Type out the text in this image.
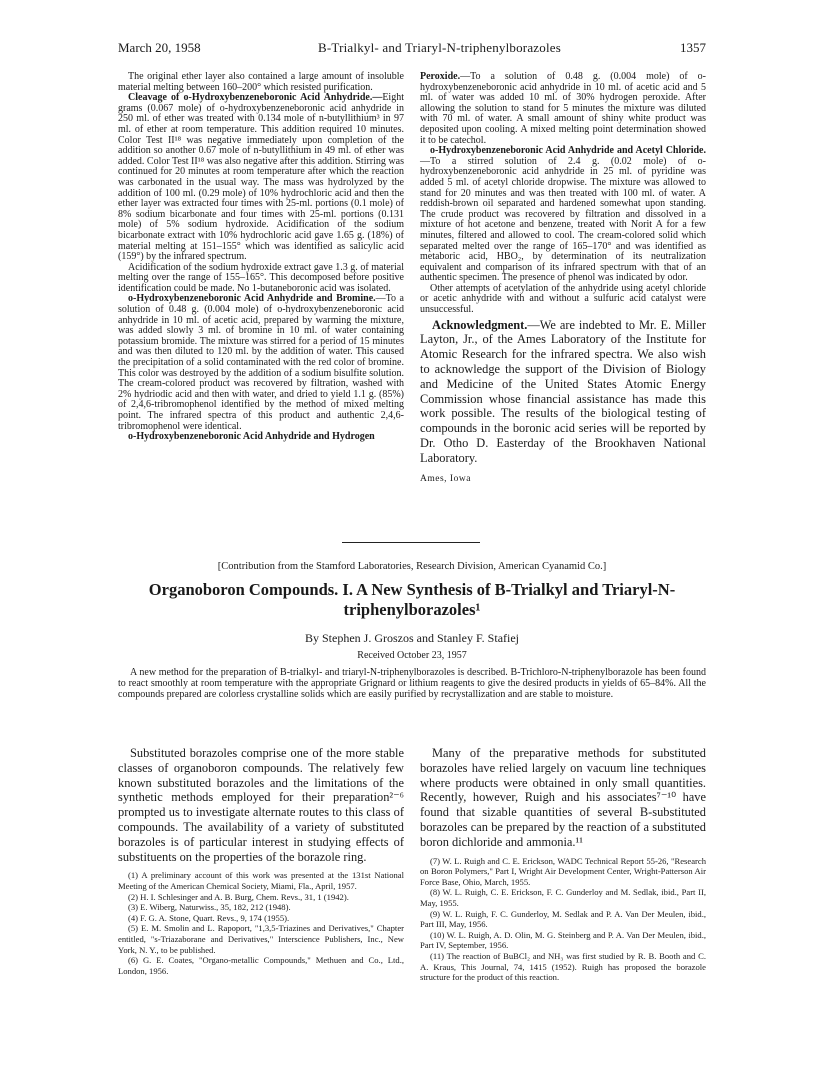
March 20, 1958	B-Trialkyl- and Triaryl-N-triphenylborazoles	1357

The original ether layer also contained a large amount of insoluble material melting between 160–200° which resisted purification.

Cleavage of o-Hydroxybenzeneboronic Acid Anhydride.—Eight grams (0.067 mole) of o-hydroxybenzeneboronic acid anhydride in 250 ml. of ether was treated with 0.134 mole of n-butyllithium³ in 97 ml. of ether at room temperature. This addition required 10 minutes. Color Test II¹⁸ was negative immediately upon completion of the addition so another 0.67 mole of n-butyllithium in 49 ml. of ether was added. Color Test II¹⁸ was also negative after this addition. Stirring was continued for 20 minutes at room temperature after which the reaction was carbonated in the usual way. The mass was hydrolyzed by the addition of 100 ml. (0.29 mole) of 10% hydrochloric acid and then the ether layer was extracted four times with 25-ml. portions (0.1 mole) of 8% sodium bicarbonate and four times with 25-ml. portions (0.131 mole) of 5% sodium hydroxide. Acidification of the sodium bicarbonate extract with 10% hydrochloric acid gave 1.65 g. (18%) of material melting at 151–155° which was identified as salicylic acid (159°) by the infrared spectrum.

Acidification of the sodium hydroxide extract gave 1.3 g. of material melting over the range of 155–165°. This decomposed before positive identification could be made. No 1-butaneboronic acid was isolated.

o-Hydroxybenzeneboronic Acid Anhydride and Bromine.—To a solution of 0.48 g. (0.004 mole) of o-hydroxybenzeneboronic acid anhydride in 10 ml. of acetic acid, prepared by warming the mixture, was added slowly 3 ml. of bromine in 10 ml. of water containing potassium bromide. The mixture was stirred for a period of 15 minutes and was then diluted to 120 ml. by the addition of water. This caused the precipitation of a solid contaminated with the red color of bromine. This color was destroyed by the addition of a sodium bisulfite solution. The cream-colored product was recovered by filtration, washed with 2% hydriodic acid and then with water, and dried to yield 1.1 g. (85%) of 2,4,6-tribromophenol identified by the method of mixed melting point. The infrared spectra of this product and authentic 2,4,6-tribromophenol were identical.

o-Hydroxybenzeneboronic Acid Anhydride and Hydrogen

Peroxide.—To a solution of 0.48 g. (0.004 mole) of o-hydroxybenzeneboronic acid anhydride in 10 ml. of acetic acid and 5 ml. of water was added 10 ml. of 30% hydrogen peroxide. After allowing the solution to stand for 5 minutes the mixture was diluted with 70 ml. of water. A small amount of shiny white product was deposited upon cooling. A mixed melting point determination showed it to be catechol.

o-Hydroxybenzeneboronic Acid Anhydride and Acetyl Chloride.—To a stirred solution of 2.4 g. (0.02 mole) of o-hydroxybenzeneboronic acid anhydride in 25 ml. of pyridine was added 5 ml. of acetyl chloride dropwise. The mixture was allowed to stand for 20 minutes and was then treated with 100 ml. of water. A reddish-brown oil separated and hardened somewhat upon standing. The crude product was recovered by filtration and dissolved in a mixture of hot acetone and benzene, treated with Norit A for a few minutes, filtered and allowed to cool. The cream-colored solid which separated melted over the range of 165–170° and was identified as metaboric acid, HBO₂, by determination of its neutralization equivalent and comparison of its infrared spectrum with that of an authentic specimen. The presence of phenol was indicated by odor.

Other attempts of acetylation of the anhydride using acetyl chloride or acetic anhydride with and without a sulfuric acid catalyst were unsuccessful.

Acknowledgment.—We are indebted to Mr. E. Miller Layton, Jr., of the Ames Laboratory of the Institute for Atomic Research for the infrared spectra. We also wish to acknowledge the support of the Division of Biology and Medicine of the United States Atomic Energy Commission whose financial assistance has made this work possible. The results of the biological testing of compounds in the boronic acid series will be reported by Dr. Otho D. Easterday of the Brookhaven National Laboratory.
Ames, Iowa
[Contribution from the Stamford Laboratories, Research Division, American Cyanamid Co.]
Organoboron Compounds. I. A New Synthesis of B-Trialkyl and Triaryl-N-triphenylborazoles¹
By Stephen J. Groszos and Stanley F. Stafiej
Received October 23, 1957

A new method for the preparation of B-trialkyl- and triaryl-N-triphenylborazoles is described. B-Trichloro-N-triphenylborazole has been found to react smoothly at room temperature with the appropriate Grignard or lithium reagents to give the desired products in yields of 65–84%. All the compounds prepared are colorless crystalline solids which are easily purified by recrystallization and are stable to moisture.

Substituted borazoles comprise one of the more stable classes of organoboron compounds. The relatively few known substituted borazoles and the limitations of the synthetic methods employed for their preparation²⁻⁶ prompted us to investigate alternate routes to this class of compounds. The availability of a variety of substituted borazoles is of particular interest in studying effects of substituents on the properties of the borazole ring.

(1) A preliminary account of this work was presented at the 131st National Meeting of the American Chemical Society, Miami, Fla., April, 1957.

(2) H. I. Schlesinger and A. B. Burg, Chem. Revs., 31, 1 (1942).

(3) E. Wiberg, Naturwiss., 35, 182, 212 (1948).

(4) F. G. A. Stone, Quart. Revs., 9, 174 (1955).

(5) E. M. Smolin and L. Rapoport, "1,3,5-Triazines and Derivatives," Chapter entitled, "s-Triazaborane and Derivatives," Interscience Publishers, Inc., New York, N. Y., to be published.

(6) G. E. Coates, "Organo-metallic Compounds," Methuen and Co., Ltd., London, 1956.

Many of the preparative methods for substituted borazoles have relied largely on vacuum line techniques where products were obtained in only small quantities. Recently, however, Ruigh and his associates⁷⁻¹⁰ have found that sizable quantities of several B-substituted borazoles can be prepared by the reaction of a substituted boron dichloride and ammonia.¹¹

(7) W. L. Ruigh and C. E. Erickson, WADC Technical Report 55-26, "Research on Boron Polymers," Part I, Wright Air Development Center, Wright-Patterson Air Force Base, Ohio, March, 1955.

(8) W. L. Ruigh, C. E. Erickson, F. C. Gunderloy and M. Sedlak, ibid., Part II, May, 1955.

(9) W. L. Ruigh, F. C. Gunderloy, M. Sedlak and P. A. Van Der Meulen, ibid., Part III, May, 1956.

(10) W. L. Ruigh, A. D. Olin, M. G. Steinberg and P. A. Van Der Meulen, ibid., Part IV, September, 1956.

(11) The reaction of BuBCl₂ and NH₃ was first studied by R. B. Booth and C. A. Kraus, This Journal, 74, 1415 (1952). Ruigh has proposed the borazole structure for the product of this reaction.
